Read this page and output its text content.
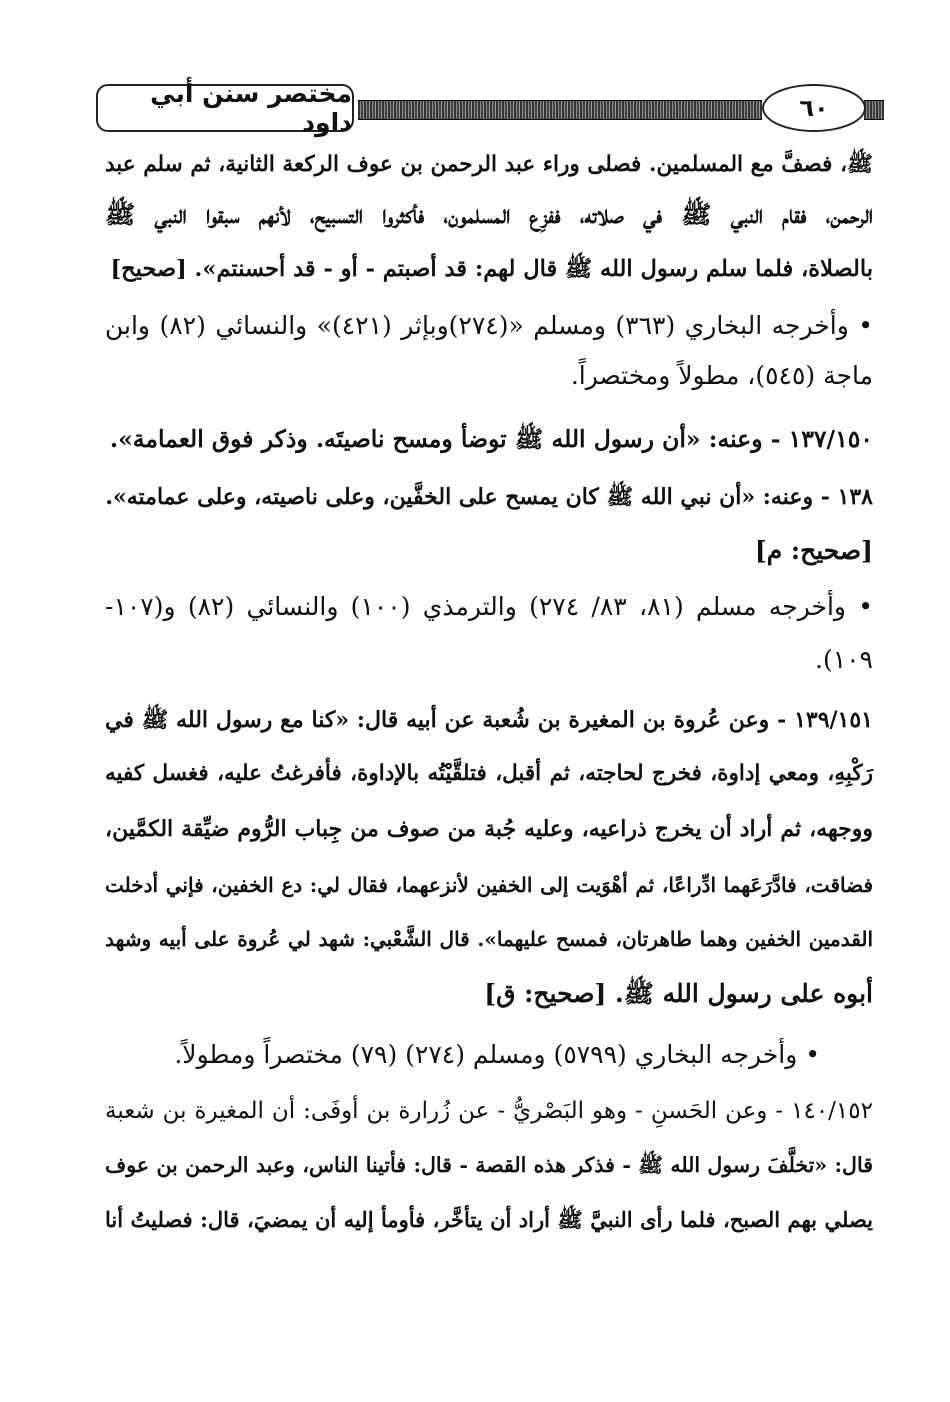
مختصر سنن أبي داود	٦٠
ﷺ، فصفَّ مع المسلمين. فصلى وراء عبد الرحمن بن عوف الركعة الثانية، ثم سلم عبد
الرحمن، فقام النبي ﷺ في صلاته، ففزِع المسلمون، فأكثروا التسبيح، لأنهم سبقوا النبي ﷺ
بالصلاة، فلما سلم رسول الله ﷺ قال لهم: قد أصبتم - أو - قد أحسنتم». [صحيح]
• وأخرجه البخاري (٣٦٣) ومسلم «(٢٧٤)وبإثر (٤٢١)» والنسائي (٨٢) وابن
ماجة (٥٤٥)، مطولاً ومختصراً.
١٣٧/١٥٠ - وعنه: «أن رسول الله ﷺ توضأ ومسح ناصيتَه. وذكر فوق العمامة».
١٣٨ - وعنه: «أن نبي الله ﷺ كان يمسح على الخفَّين، وعلى ناصيته، وعلى عمامته».
[صحيح: م]
• وأخرجه مسلم (٨١، ٨٣/ ٢٧٤) والترمذي (١٠٠) والنسائي (٨٢) و(١٠٧-
١٠٩).
١٣٩/١٥١ - وعن عُروة بن المغيرة بن شُعبة عن أبيه قال: «كنا مع رسول الله ﷺ في
رَكْبِهِ، ومعي إداوة، فخرج لحاجته، ثم أقبل، فتلقَّيْتُه بالإداوة، فأفرغتُ عليه، فغسل كفيه
ووجهه، ثم أراد أن يخرج ذراعيه، وعليه جُبة من صوف من جِباب الرُّوم ضيِّقة الكمَّين،
فضاقت، فادَّرَعَهما ادِّراعًا، ثم أهْوَيت إلى الخفين لأنزعهما، فقال لي: دع الخفين، فإني أدخلت
القدمين الخفين وهما طاهرتان، فمسح عليهما». قال الشَّعْبي: شهد لي عُروة على أبيه وشهد
أبوه على رسول الله ﷺ. [صحيح: ق]
• وأخرجه البخاري (٥٧٩٩) ومسلم (٢٧٤) (٧٩) مختصراً ومطولاً.
١٤٠/١٥٢ - وعن الحَسنِ - وهو البَصْريُّ - عن زُرارة بن أوفَى: أن المغيرة بن شعبة
قال: «تخلَّفَ رسول الله ﷺ - فذكر هذه القصة - قال: فأتينا الناس، وعبد الرحمن بن عوف
يصلي بهم الصبح، فلما رأى النبيَّ ﷺ أراد أن يتأخَّر، فأومأ إليه أن يمضيَ، قال: فصليتُ أنا
